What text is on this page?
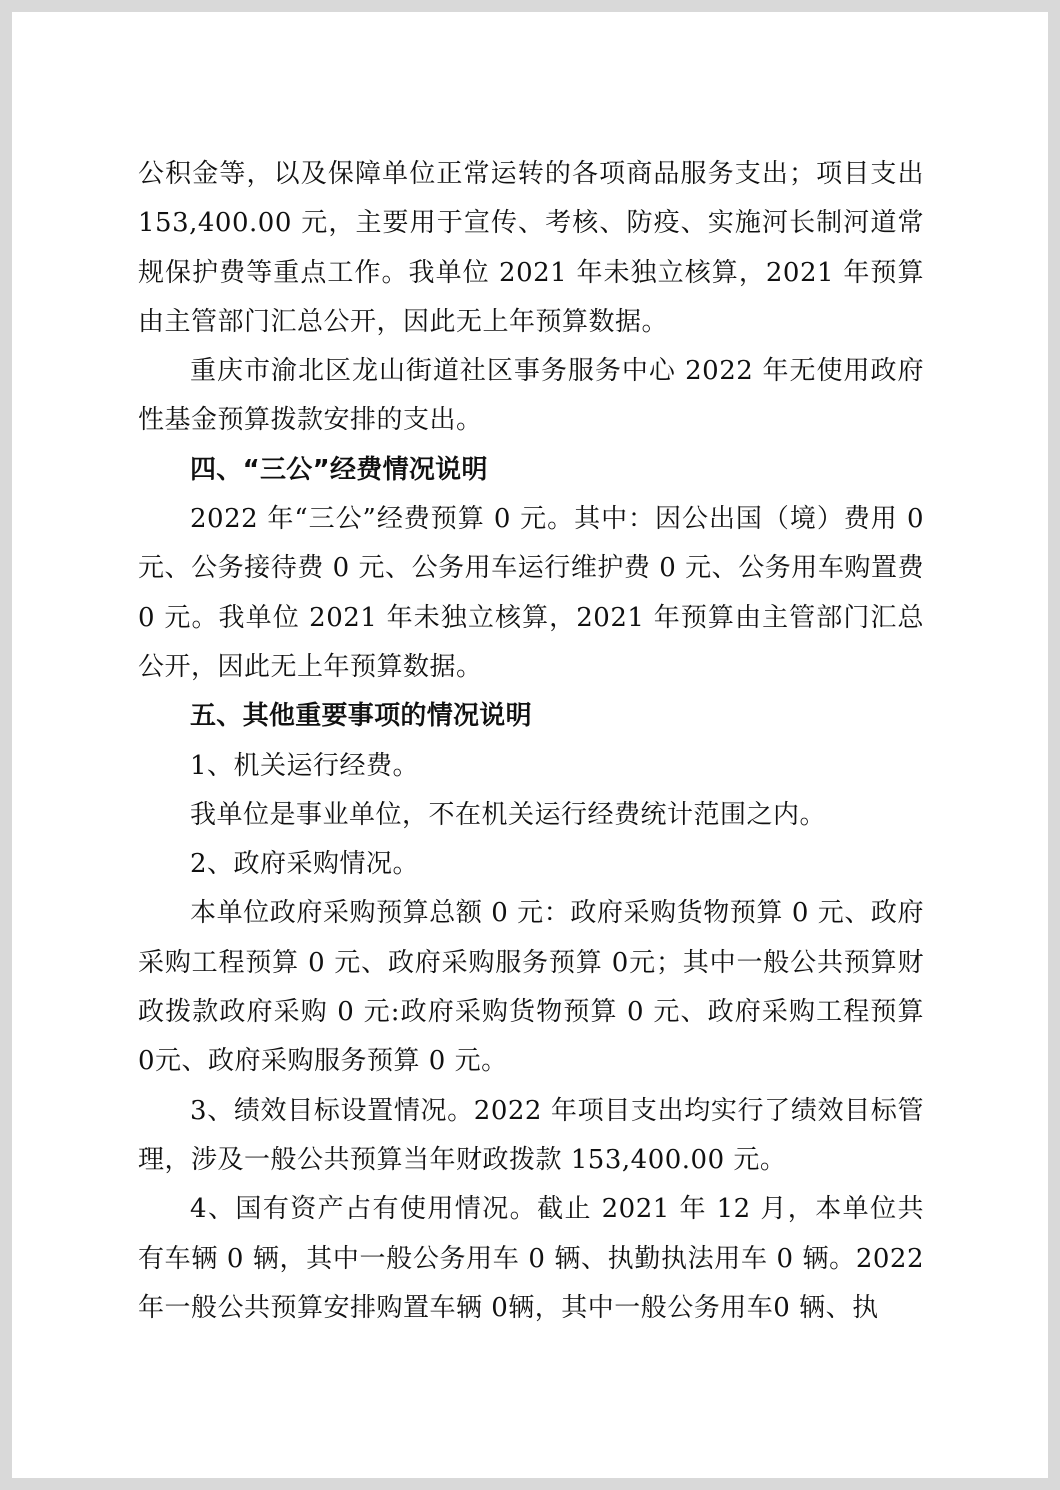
公积金等，以及保障单位正常运转的各项商品服务支出；项目支出 153,400.00 元，主要用于宣传、考核、防疫、实施河长制河道常规保护费等重点工作。我单位 2021 年未独立核算，2021 年预算由主管部门汇总公开，因此无上年预算数据。

重庆市渝北区龙山街道社区事务服务中心 2022 年无使用政府性基金预算拨款安排的支出。

四、“三公”经费情况说明

2022 年“三公”经费预算 0 元。其中：因公出国（境）费用 0 元、公务接待费 0 元、公务用车运行维护费 0 元、公务用车购置费 0 元。我单位 2021 年未独立核算，2021 年预算由主管部门汇总公开，因此无上年预算数据。

五、其他重要事项的情况说明

1、机关运行经费。

我单位是事业单位，不在机关运行经费统计范围之内。

2、政府采购情况。

本单位政府采购预算总额 0 元：政府采购货物预算 0 元、政府采购工程预算 0 元、政府采购服务预算 0元；其中一般公共预算财政拨款政府采购 0 元:政府采购货物预算 0 元、政府采购工程预算 0元、政府采购服务预算 0 元。

3、绩效目标设置情况。2022 年项目支出均实行了绩效目标管理，涉及一般公共预算当年财政拨款 153,400.00 元。

4、国有资产占有使用情况。截止 2021 年 12 月，本单位共有车辆 0 辆，其中一般公务用车 0 辆、执勤执法用车 0 辆。2022 年一般公共预算安排购置车辆 0辆，其中一般公务用车0 辆、执
